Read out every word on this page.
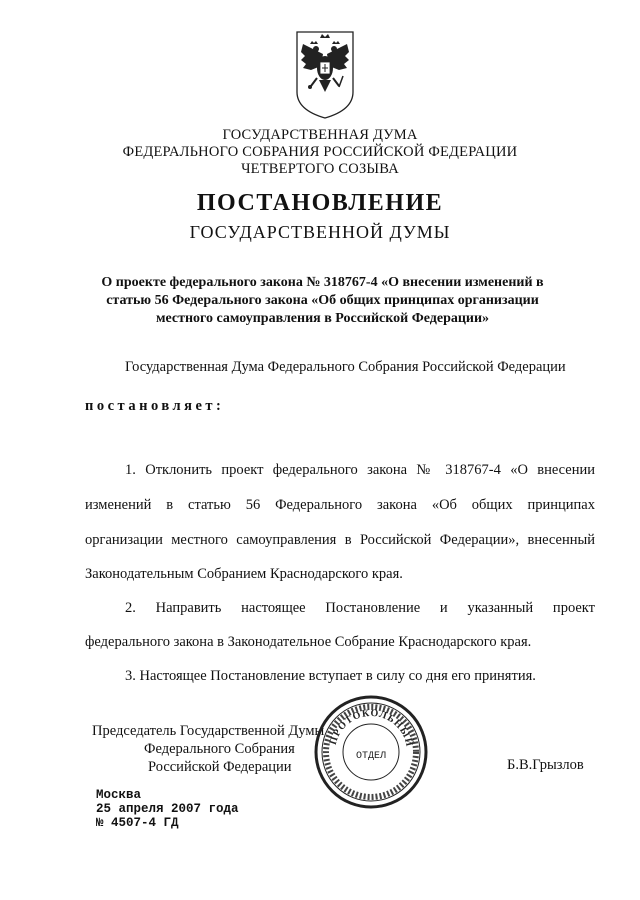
ГОСУДАРСТВЕННАЯ ДУМА
ФЕДЕРАЛЬНОГО СОБРАНИЯ РОССИЙСКОЙ ФЕДЕРАЦИИ
ЧЕТВЕРТОГО СОЗЫВА
ПОСТАНОВЛЕНИЕ
ГОСУДАРСТВЕННОЙ ДУМЫ
О проекте федерального закона № 318767-4 «О внесении изменений в
статью 56 Федерального закона «Об общих принципах организации
местного самоуправления в Российской Федерации»
Государственная Дума Федерального Собрания Российской Федерации
постановляет:
1. Отклонить проект федерального закона № 318767-4 «О внесении
изменений в статью 56 Федерального закона «Об общих принципах
организации местного самоуправления в Российской Федерации», внесенный
Законодательным Собранием Краснодарского края.
2. Направить настоящее Постановление и указанный проект
федерального закона в Законодательное Собрание Краснодарского края.
3. Настоящее Постановление вступает в силу со дня его принятия.
Председатель Государственной Думы
Федерального Собрания
Российской Федерации	Б.В.Грызлов
ПРОТОКОЛЬНЫЙ
ОТДЕЛ
Москва
25 апреля 2007 года
№ 4507-4 ГД
